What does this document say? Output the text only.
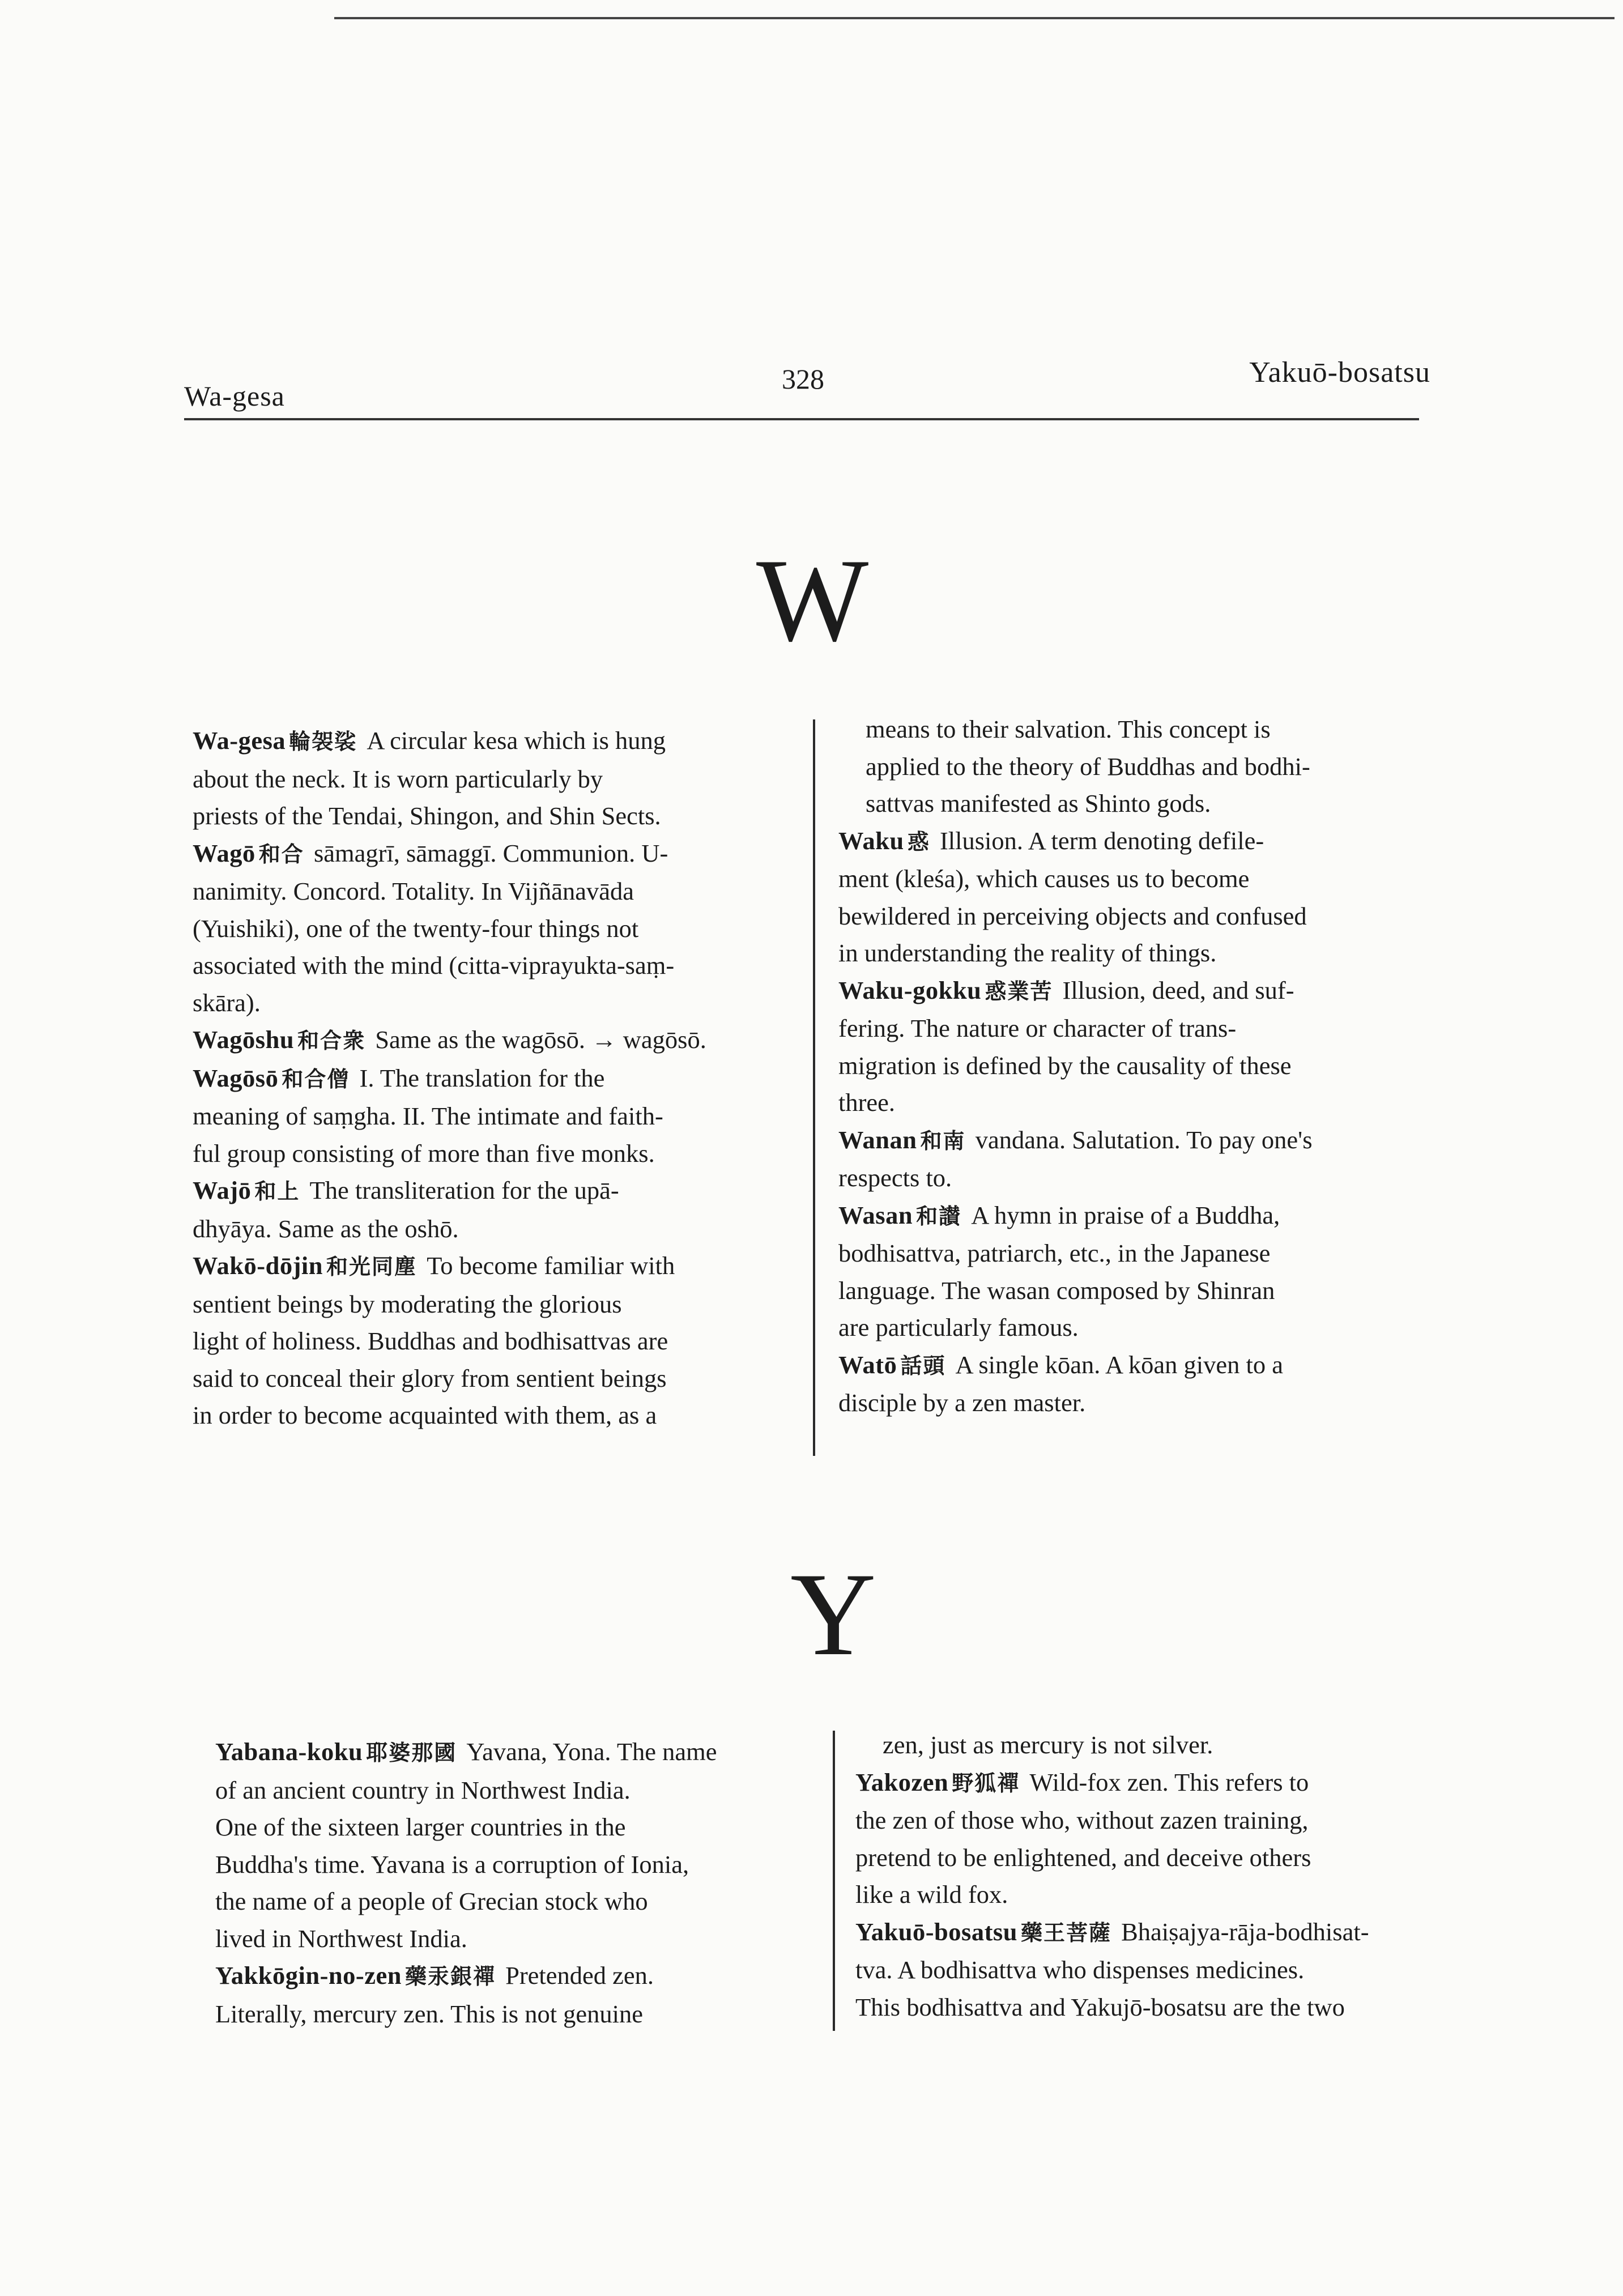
Wa-gesa
328	Yakuō-bosatsu
W

Wa-gesa 輪袈裟 A circular kesa which is hung
about the neck. It is worn particularly by
priests of the Tendai, Shingon, and Shin Sects.

Wagō 和合 sāmagrī, sāmaggī. Communion. U-
nanimity. Concord. Totality. In Vijñānavāda
(Yuishiki), one of the twenty-four things not
associated with the mind (citta-viprayukta-saṃ-
skāra).

Wagōshu 和合衆 Same as the wagōsō. → wagōsō.

Wagōsō 和合僧 I. The translation for the
meaning of saṃgha. II. The intimate and faith-
ful group consisting of more than five monks.

Wajō 和上 The transliteration for the upā-
dhyāya. Same as the oshō.

Wakō-dōjin 和光同塵 To become familiar with
sentient beings by moderating the glorious
light of holiness. Buddhas and bodhisattvas are
said to conceal their glory from sentient beings
in order to become acquainted with them, as a

means to their salvation. This concept is
applied to the theory of Buddhas and bodhi-
sattvas manifested as Shinto gods.

Waku 惑 Illusion. A term denoting defile-
ment (kleśa), which causes us to become
bewildered in perceiving objects and confused
in understanding the reality of things.

Waku-gokku 惑業苦 Illusion, deed, and suf-
fering. The nature or character of trans-
migration is defined by the causality of these
three.

Wanan 和南 vandana. Salutation. To pay one's
respects to.

Wasan 和讃 A hymn in praise of a Buddha,
bodhisattva, patriarch, etc., in the Japanese
language. The wasan composed by Shinran
are particularly famous.

Watō 話頭 A single kōan. A kōan given to a
disciple by a zen master.

Y

Yabana-koku 耶婆那國 Yavana, Yona. The name
of an ancient country in Northwest India.
One of the sixteen larger countries in the
Buddha's time. Yavana is a corruption of Ionia,
the name of a people of Grecian stock who
lived in Northwest India.

Yakkōgin-no-zen 藥汞銀禪 Pretended zen.
Literally, mercury zen. This is not genuine

zen, just as mercury is not silver.

Yakozen 野狐禪 Wild-fox zen. This refers to
the zen of those who, without zazen training,
pretend to be enlightened, and deceive others
like a wild fox.

Yakuō-bosatsu 藥王菩薩 Bhaiṣajya-rāja-bodhisat-
tva. A bodhisattva who dispenses medicines.
This bodhisattva and Yakujō-bosatsu are the two
